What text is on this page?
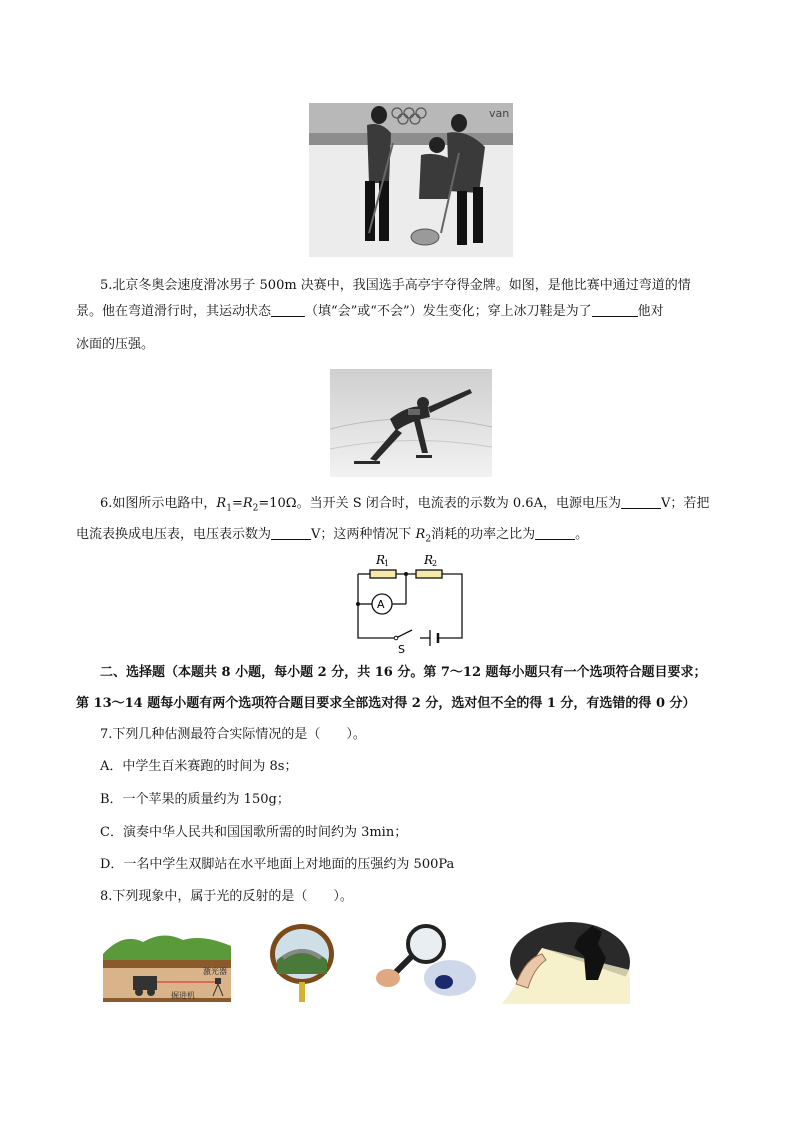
van
5.北京冬奥会速度滑冰男子 500m 决赛中，我国选手高亭宇夺得金牌。如图，是他比赛中通过弯道的情
景。他在弯道滑行时，其运动状态	（填“会”或“不会”）发生变化；穿上冰刀鞋是为了	他对
冰面的压强。
6.如图所示电路中，$R_1=R_2=10\Omega$。当开关 S 闭合时，电流表的示数为 0.6A，电源电压为	V；若把
电流表换成电压表，电压表示数为	V；这两种情况下 $R_2$消耗的功率之比为	。
R
1	R
2
A
S
二、选择题（本题共 8 小题，每小题 2 分，共 16 分。第 7～12 题每小题只有一个选项符合题目要求；
第 13～14 题每小题有两个选项符合题目要求全部选对得 2 分，选对但不全的得 1 分，有选错的得 0 分）
7.下列几种估测最符合实际情况的是（　　）。
A．中学生百米赛跑的时间为 8s；
B．一个苹果的质量约为 150g；
C．演奏中华人民共和国国歌所需的时间约为 3min；
D．一名中学生双脚站在水平地面上对地面的压强约为 500Pa
8.下列现象中，属于光的反射的是（　　）。
激光器
掘进机
